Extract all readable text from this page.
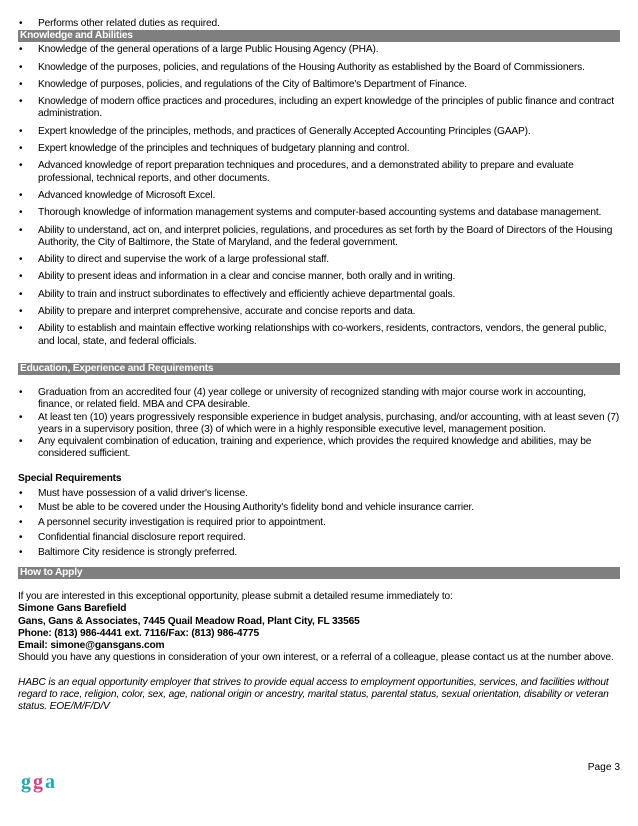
• Performs other related duties as required.
Knowledge and Abilities
• Knowledge of the general operations of a large Public Housing Agency (PHA).
• Knowledge of the purposes, policies, and regulations of the Housing Authority as established by the Board of Commissioners.
• Knowledge of purposes, policies, and regulations of the City of Baltimore's Department of Finance.
• Knowledge of modern office practices and procedures, including an expert knowledge of the principles of public finance and contract administration.
• Expert knowledge of the principles, methods, and practices of Generally Accepted Accounting Principles (GAAP).
• Expert knowledge of the principles and techniques of budgetary planning and control.
• Advanced knowledge of report preparation techniques and procedures, and a demonstrated ability to prepare and evaluate professional, technical reports, and other documents.
• Advanced knowledge of Microsoft Excel.
• Thorough knowledge of information management systems and computer-based accounting systems and database management.
• Ability to understand, act on, and interpret policies, regulations, and procedures as set forth by the Board of Directors of the Housing Authority, the City of Baltimore, the State of Maryland, and the federal government.
• Ability to direct and supervise the work of a large professional staff.
• Ability to present ideas and information in a clear and concise manner, both orally and in writing.
• Ability to train and instruct subordinates to effectively and efficiently achieve departmental goals.
• Ability to prepare and interpret comprehensive, accurate and concise reports and data.
• Ability to establish and maintain effective working relationships with co-workers, residents, contractors, vendors, the general public, and local, state, and federal officials.
Education, Experience and Requirements
• Graduation from an accredited four (4) year college or university of recognized standing with major course work in accounting, finance, or related field. MBA and CPA desirable.
• At least ten (10) years progressively responsible experience in budget analysis, purchasing, and/or accounting, with at least seven (7) years in a supervisory position, three (3) of which were in a highly responsible executive level, management position.
• Any equivalent combination of education, training and experience, which provides the required knowledge and abilities, may be considered sufficient.
Special Requirements
• Must have possession of a valid driver's license.
• Must be able to be covered under the Housing Authority's fidelity bond and vehicle insurance carrier.
• A personnel security investigation is required prior to appointment.
• Confidential financial disclosure report required.
• Baltimore City residence is strongly preferred.
How to Apply
If you are interested in this exceptional opportunity, please submit a detailed resume immediately to:
Simone Gans Barefield
Gans, Gans & Associates, 7445 Quail Meadow Road, Plant City, FL 33565
Phone: (813) 986-4441 ext. 7116/Fax: (813) 986-4775
Email: simone@gansgans.com
Should you have any questions in consideration of your own interest, or a referral of a colleague, please contact us at the number above.
HABC is an equal opportunity employer that strives to provide equal access to employment opportunities, services, and facilities without regard to race, religion, color, sex, age, national origin or ancestry, marital status, parental status, sexual orientation, disability or veteran status. EOE/M/F/D/V
Page 3
g g a
